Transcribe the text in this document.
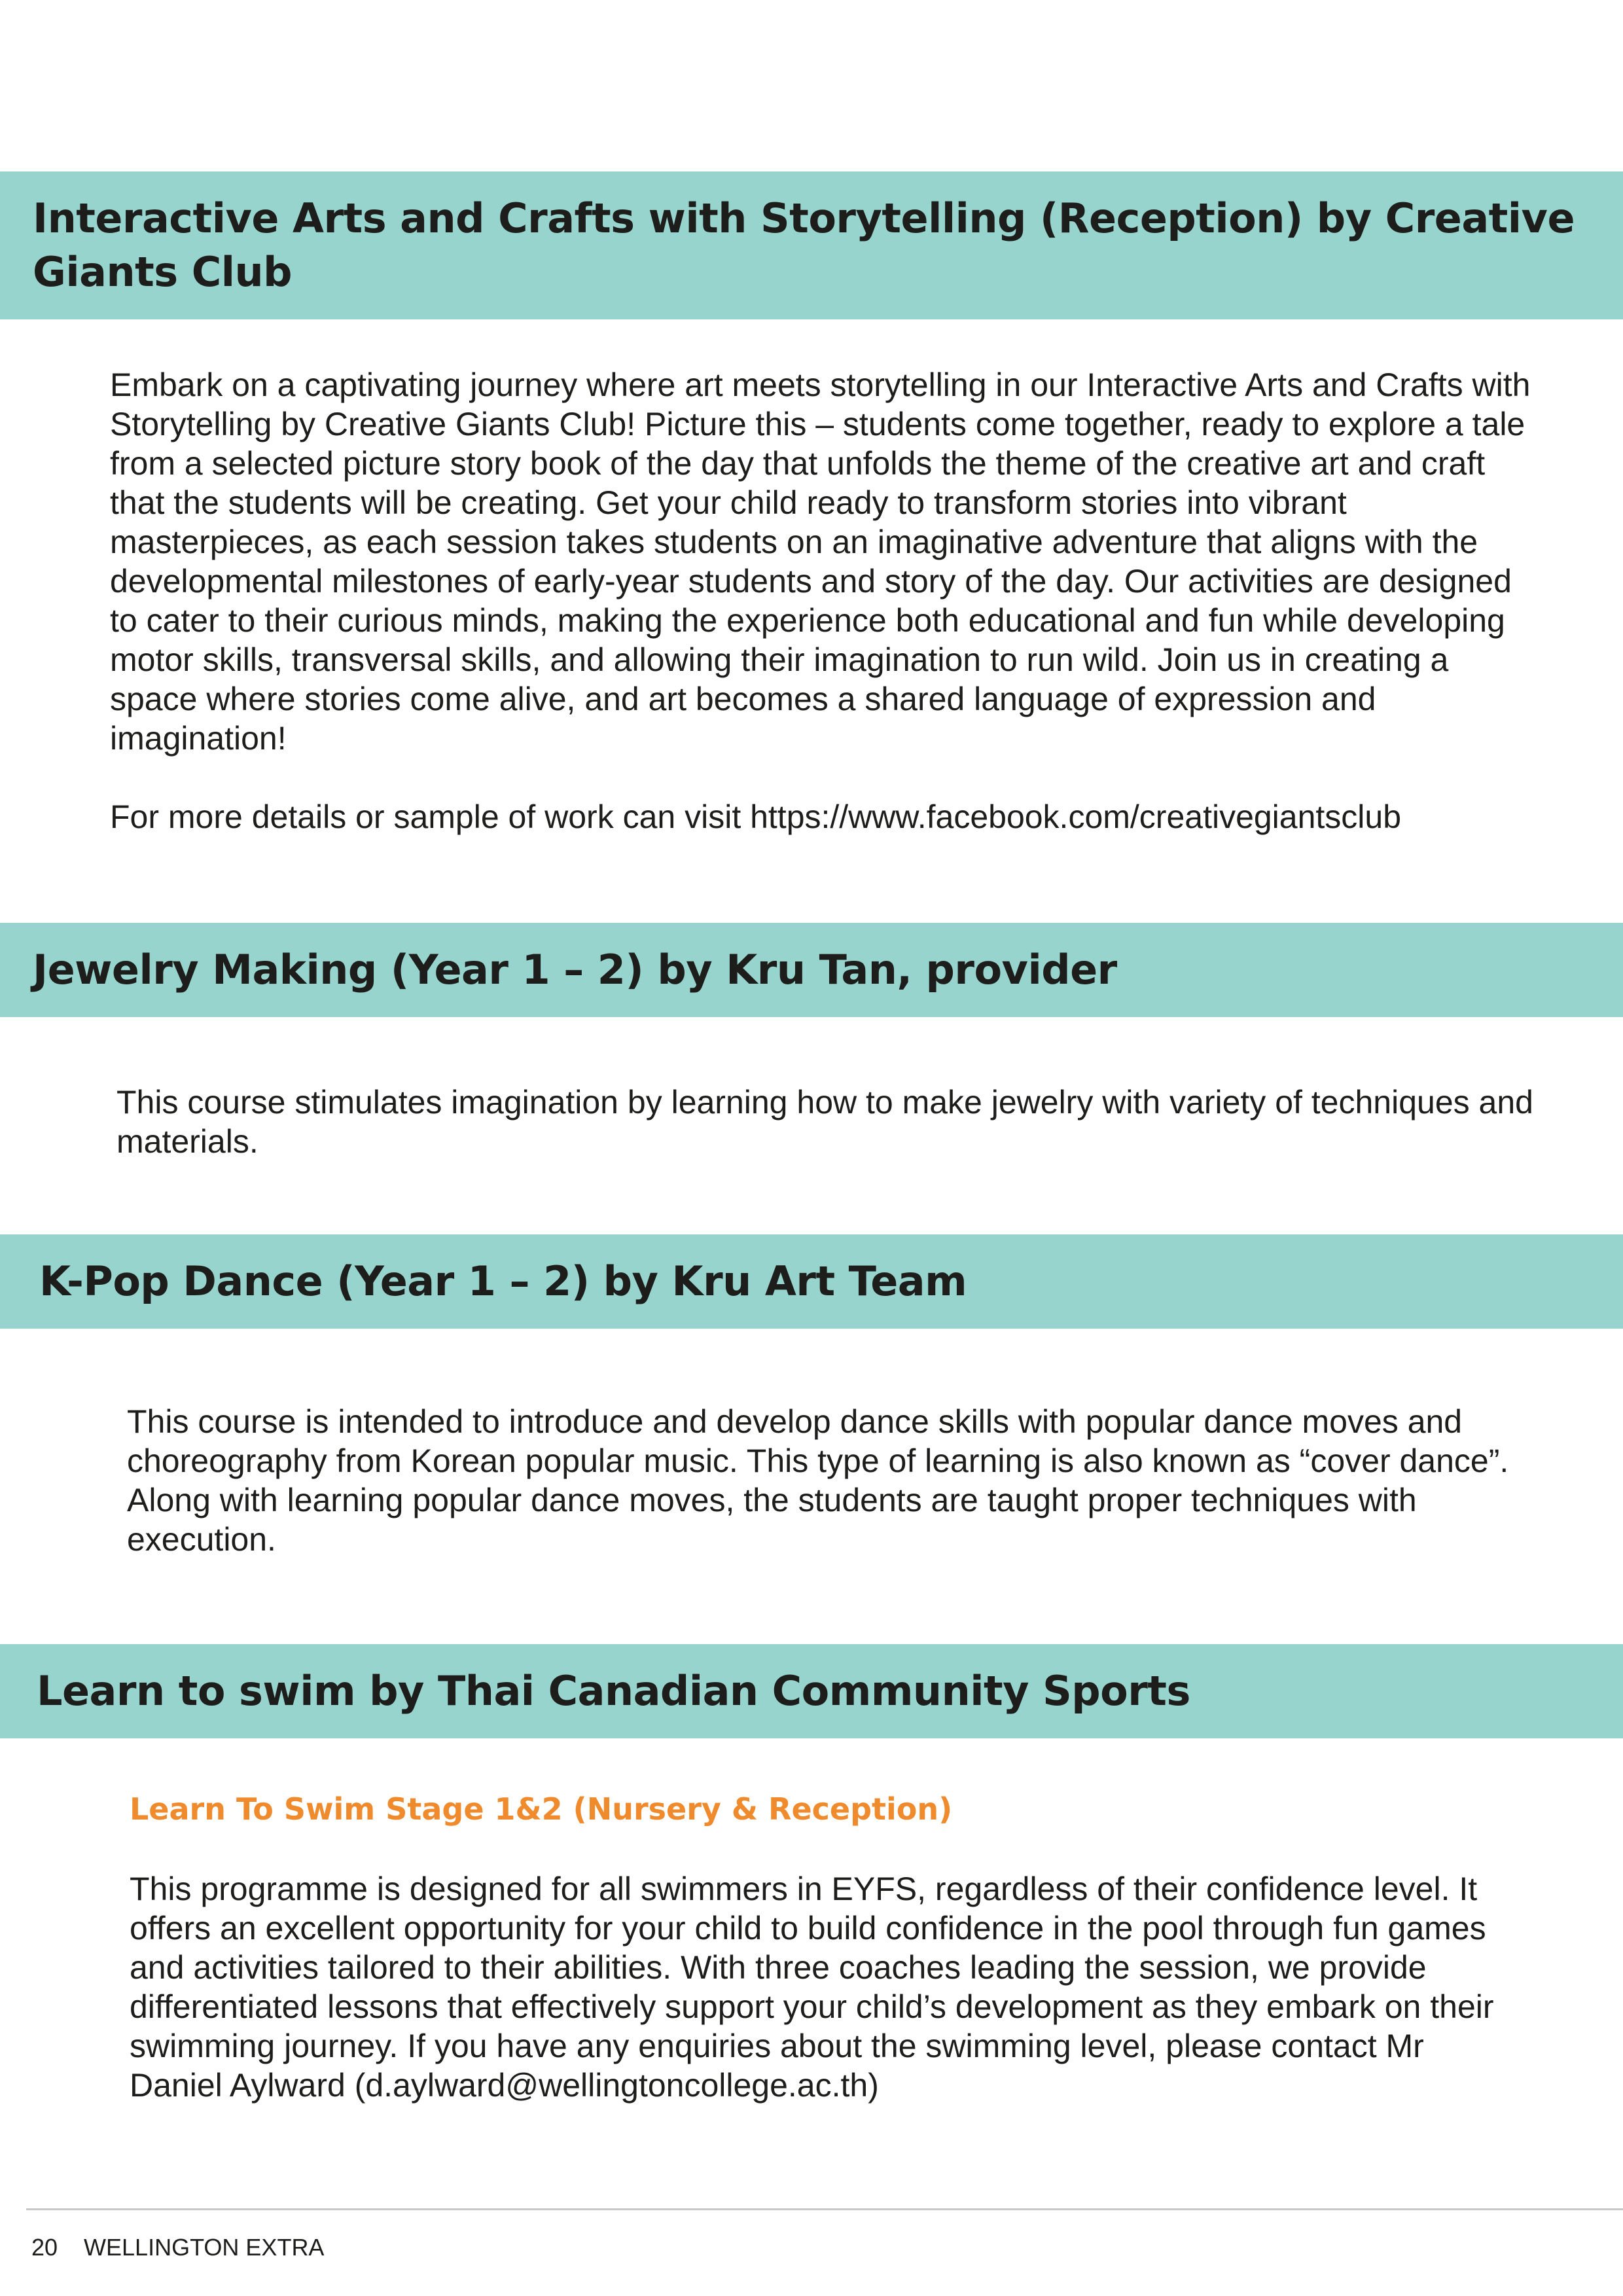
Interactive Arts and Crafts with Storytelling (Reception) by Creative Giants Club

Embark on a captivating journey where art meets storytelling in our Interactive Arts and Crafts with Storytelling by Creative Giants Club! Picture this – students come together, ready to explore a tale from a selected picture story book of the day that unfolds the theme of the creative art and craft that the students will be creating. Get your child ready to transform stories into vibrant masterpieces, as each session takes students on an imaginative adventure that aligns with the developmental milestones of early-year students and story of the day. Our activities are designed to cater to their curious minds, making the experience both educational and fun while developing motor skills, transversal skills, and allowing their imagination to run wild. Join us in creating a space where stories come alive, and art becomes a shared language of expression and imagination!

For more details or sample of work can visit https://www.facebook.com/creativegiantsclub

Jewelry Making (Year 1 – 2) by Kru Tan, provider

This course stimulates imagination by learning how to make jewelry with variety of techniques and materials.

K-Pop Dance (Year 1 – 2) by Kru Art Team

This course is intended to introduce and develop dance skills with popular dance moves and choreography from Korean popular music. This type of learning is also known as “cover dance”. Along with learning popular dance moves, the students are taught proper techniques with execution.

Learn to swim by Thai Canadian Community Sports
Learn To Swim Stage 1&2 (Nursery & Reception)

This programme is designed for all swimmers in EYFS, regardless of their confidence level. It offers an excellent opportunity for your child to build confidence in the pool through fun games and activities tailored to their abilities. With three coaches leading the session, we provide differentiated lessons that effectively support your child’s development as they embark on their swimming journey. If you have any enquiries about the swimming level, please contact Mr Daniel Aylward (d.aylward@wellingtoncollege.ac.th)

20 WELLINGTON EXTRA
